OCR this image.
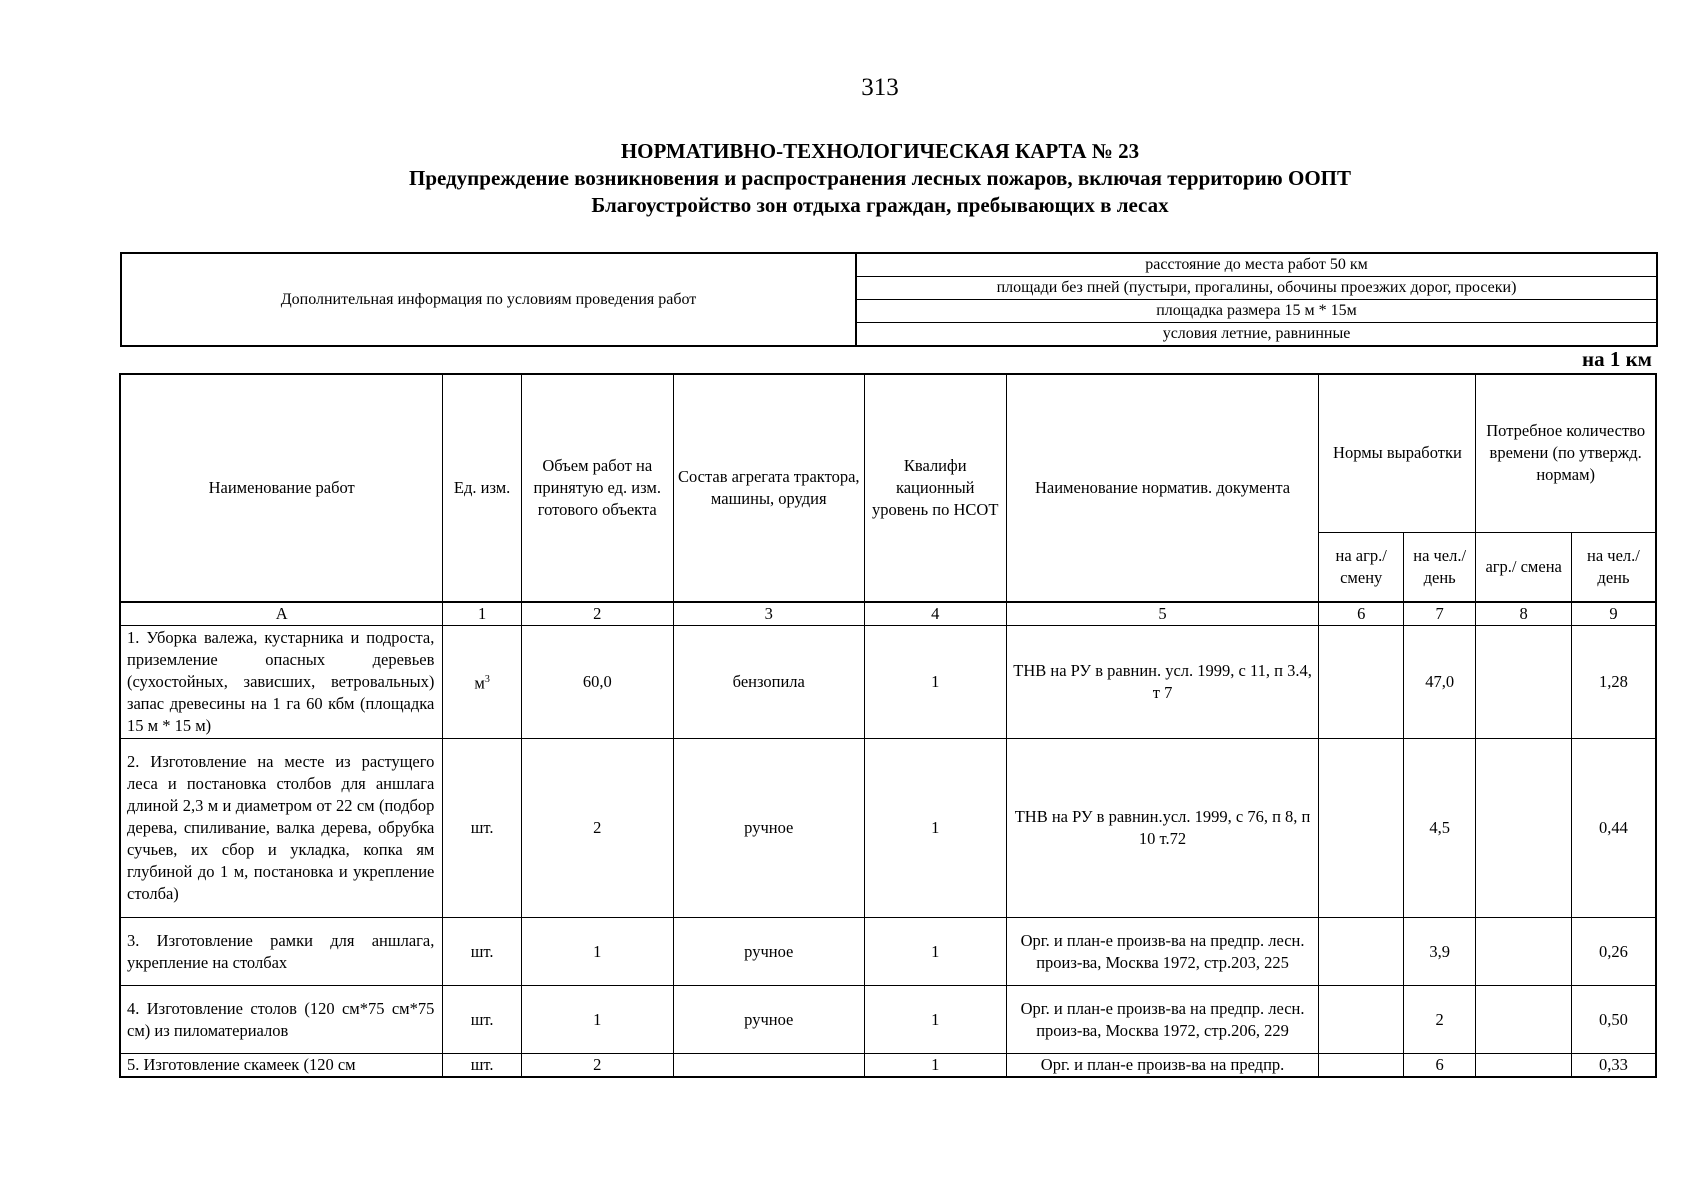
313
НОРМАТИВНО-ТЕХНОЛОГИЧЕСКАЯ КАРТА № 23
Предупреждение возникновения и распространения лесных пожаров, включая территорию ООПТ
Благоустройство зон отдыха граждан, пребывающих в лесах
Дополнительная информация по условиям проведения работ	расстояние до места работ 50 км
площади без пней (пустыри, прогалины, обочины проезжих дорог, просеки)
площадка размера 15 м * 15м
условия летние, равнинные
на 1 км
Наименование работ	Ед. изм.	Объем работ на принятую ед. изм. готового объекта	Состав агрегата трактора, машины, орудия	Квалифи кационный уровень по НСОТ	Наименование норматив. документа	Нормы выработки		Потребное количество времени (по утвержд. нормам)	
						на агр./ смену	на чел./ день	агр./ смена	на чел./ день
А	1	2	3	4	5	6	7	8	9
1. Уборка валежа, кустарника и подроста, приземление опасных деревьев (сухостойных, зависших, ветровальных) запас древесины на 1 га 60 кбм (площадка 15 м * 15 м)	$м^3$	60,0	бензопила	1	ТНВ на РУ в равнин. усл. 1999, с 11, п 3.4, т 7		47,0		1,28
2. Изготовление на месте из растущего леса и постановка столбов для аншлага длиной 2,3 м и диаметром от 22 см (подбор дерева, спиливание, валка дерева, обрубка сучьев, их сбор и укладка, копка ям глубиной до 1 м, постановка и укрепление столба)	шт.	2	ручное	1	ТНВ на РУ в равнин.усл. 1999, с 76, п 8, п 10 т.72		4,5		0,44
3. Изготовление рамки для аншлага, укрепление на столбах	шт.	1	ручное	1	Орг. и план-е произв-ва на предпр. лесн. произ-ва, Москва 1972, стр.203, 225		3,9		0,26
4. Изготовление столов (120 см*75 см*75 см) из пиломатериалов	шт.	1	ручное	1	Орг. и план-е произв-ва на предпр. лесн. произ-ва, Москва 1972, стр.206, 229		2		0,50
5. Изготовление скамеек (120 см	шт.	2		1	Орг. и план-е произв-ва на предпр.		6		0,33
